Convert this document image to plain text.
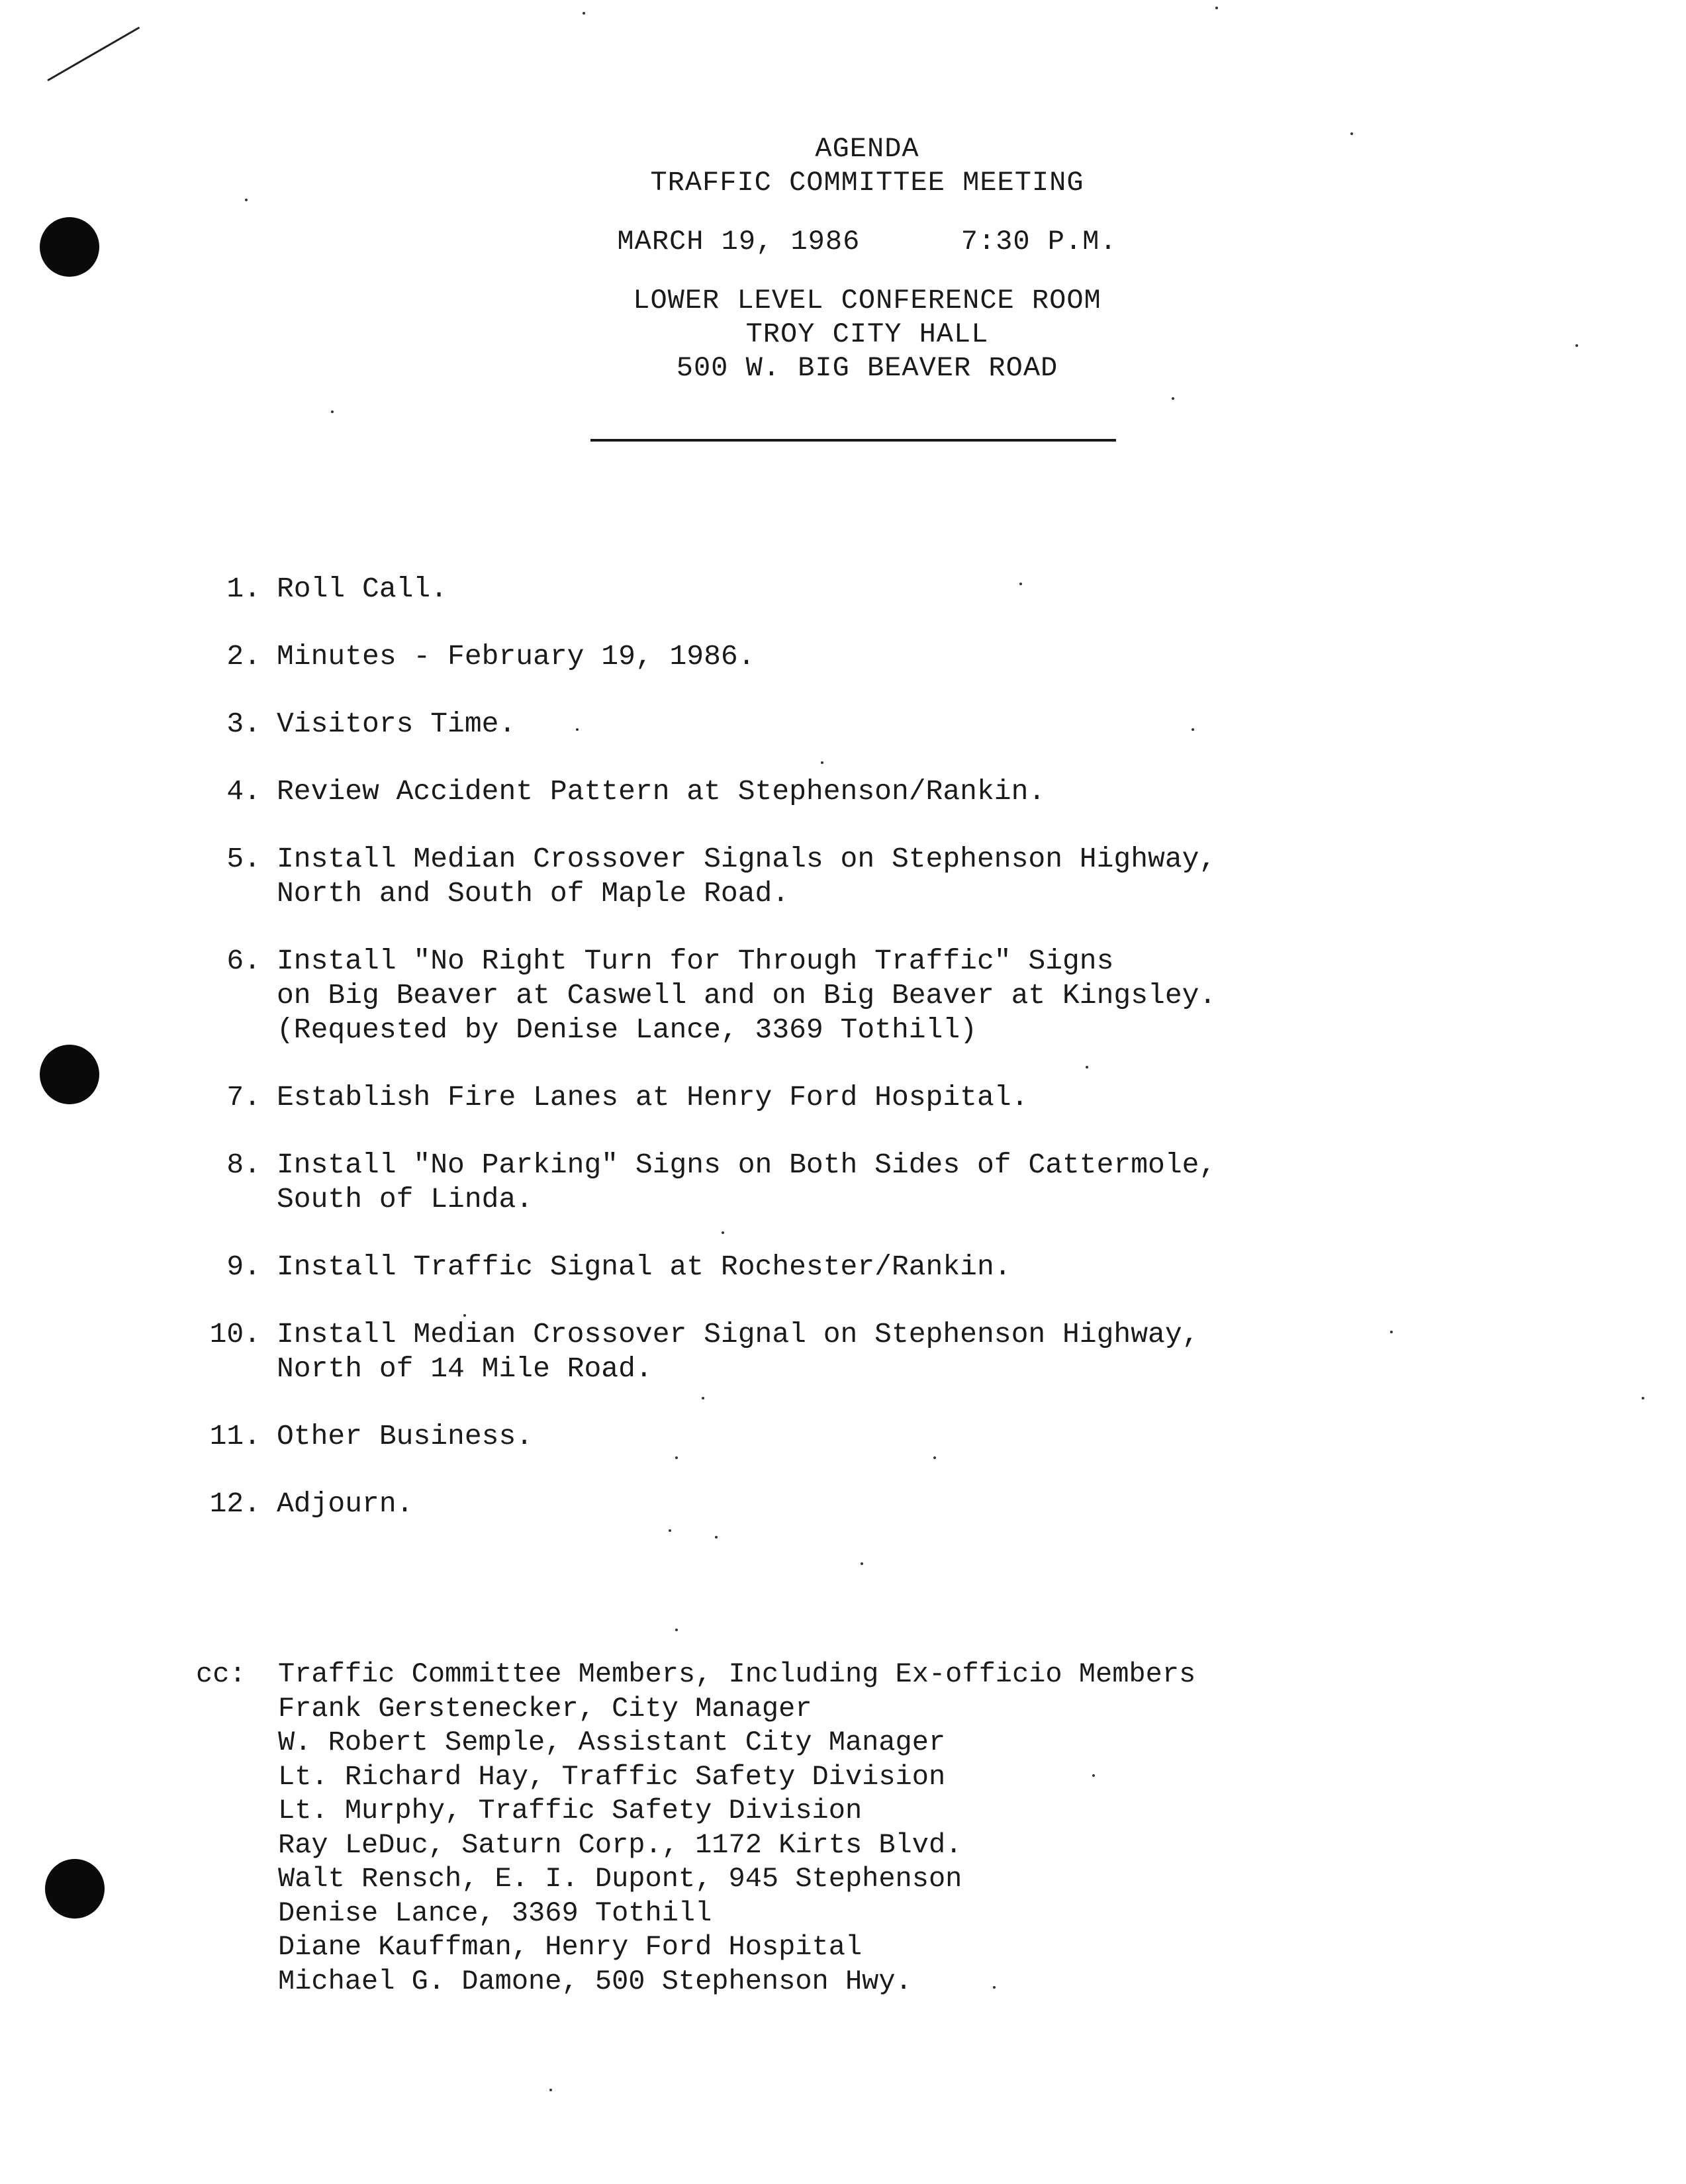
AGENDA
TRAFFIC COMMITTEE MEETING
MARCH 19, 1986	7:30 P.M.
LOWER LEVEL CONFERENCE ROOM
TROY CITY HALL
500 W. BIG BEAVER ROAD
1. Roll Call.
2. Minutes - February 19, 1986.
3. Visitors Time.
4. Review Accident Pattern at Stephenson/Rankin.
5. Install Median Crossover Signals on Stephenson Highway,
North and South of Maple Road.
6. Install "No Right Turn for Through Traffic" Signs
on Big Beaver at Caswell and on Big Beaver at Kingsley.
(Requested by Denise Lance, 3369 Tothill)
7. Establish Fire Lanes at Henry Ford Hospital.
8. Install "No Parking" Signs on Both Sides of Cattermole,
South of Linda.
9. Install Traffic Signal at Rochester/Rankin.
10. Install Median Crossover Signal on Stephenson Highway,
North of 14 Mile Road.
11. Other Business.
12. Adjourn.
cc:	Traffic Committee Members, Including Ex-officio Members
Frank Gerstenecker, City Manager
W. Robert Semple, Assistant City Manager
Lt. Richard Hay, Traffic Safety Division
Lt. Murphy, Traffic Safety Division
Ray LeDuc, Saturn Corp., 1172 Kirts Blvd.
Walt Rensch, E. I. Dupont, 945 Stephenson
Denise Lance, 3369 Tothill
Diane Kauffman, Henry Ford Hospital
Michael G. Damone, 500 Stephenson Hwy.
